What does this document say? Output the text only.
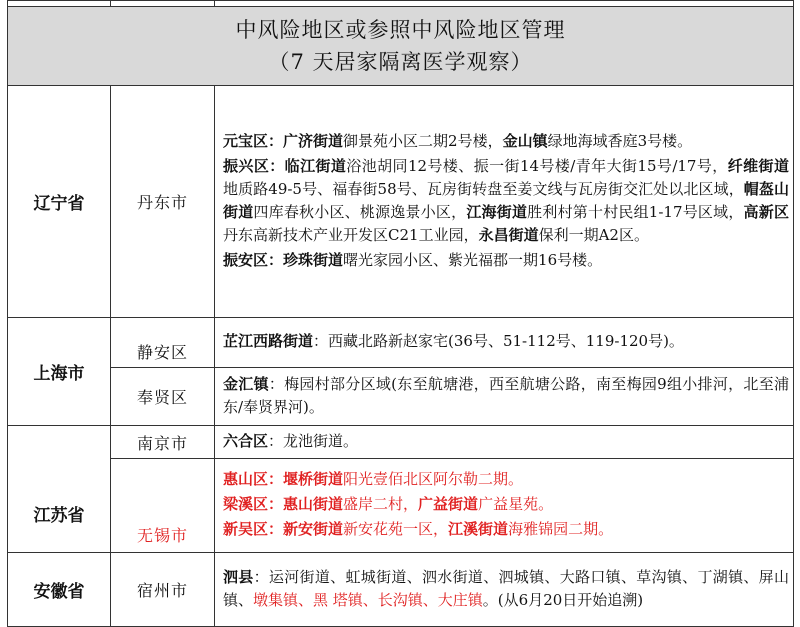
中风险地区或参照中风险地区管理
（7 天居家隔离医学观察）		

辽宁省	丹东市	元宝区：广济街道御景苑小区二期2号楼，金山镇绿地海域香庭3号楼。

振兴区：临江街道浴池胡同12号楼、振一街14号楼/青年大街15号/17号，纤维街道地质路49-5号、福春街58号、瓦房街转盘至姜文线与瓦房街交汇处以北区域，帽盔山街道四库春秋小区、桃源逸景小区，江海街道胜利村第十村民组1-17号区域，高新区丹东高新技术产业开发区C21工业园，永昌街道保利一期A2区。

振安区：珍珠街道曙光家园小区、紫光福郡一期16号楼。

上海市	静安区	芷江西路街道：西藏北路新赵家宅(36号、51-112号、119-120号)。

	奉贤区	金汇镇：梅园村部分区域(东至航塘港，西至航塘公路，南至梅园9组小排河，北至浦东/奉贤界河)。

江苏省	南京市	六合区：龙池街道。

	无锡市	惠山区：堰桥街道阳光壹佰北区阿尔勒二期。

梁溪区：惠山街道盛岸二村，广益街道广益星苑。

新吴区：新安街道新安花苑一区，江溪街道海雅锦园二期。

安徽省	宿州市	泗县：运河街道、虹城街道、泗水街道、泗城镇、大路口镇、草沟镇、丁湖镇、屏山镇、墩集镇、黑 塔镇、长沟镇、大庄镇。(从6月20日开始追溯)
